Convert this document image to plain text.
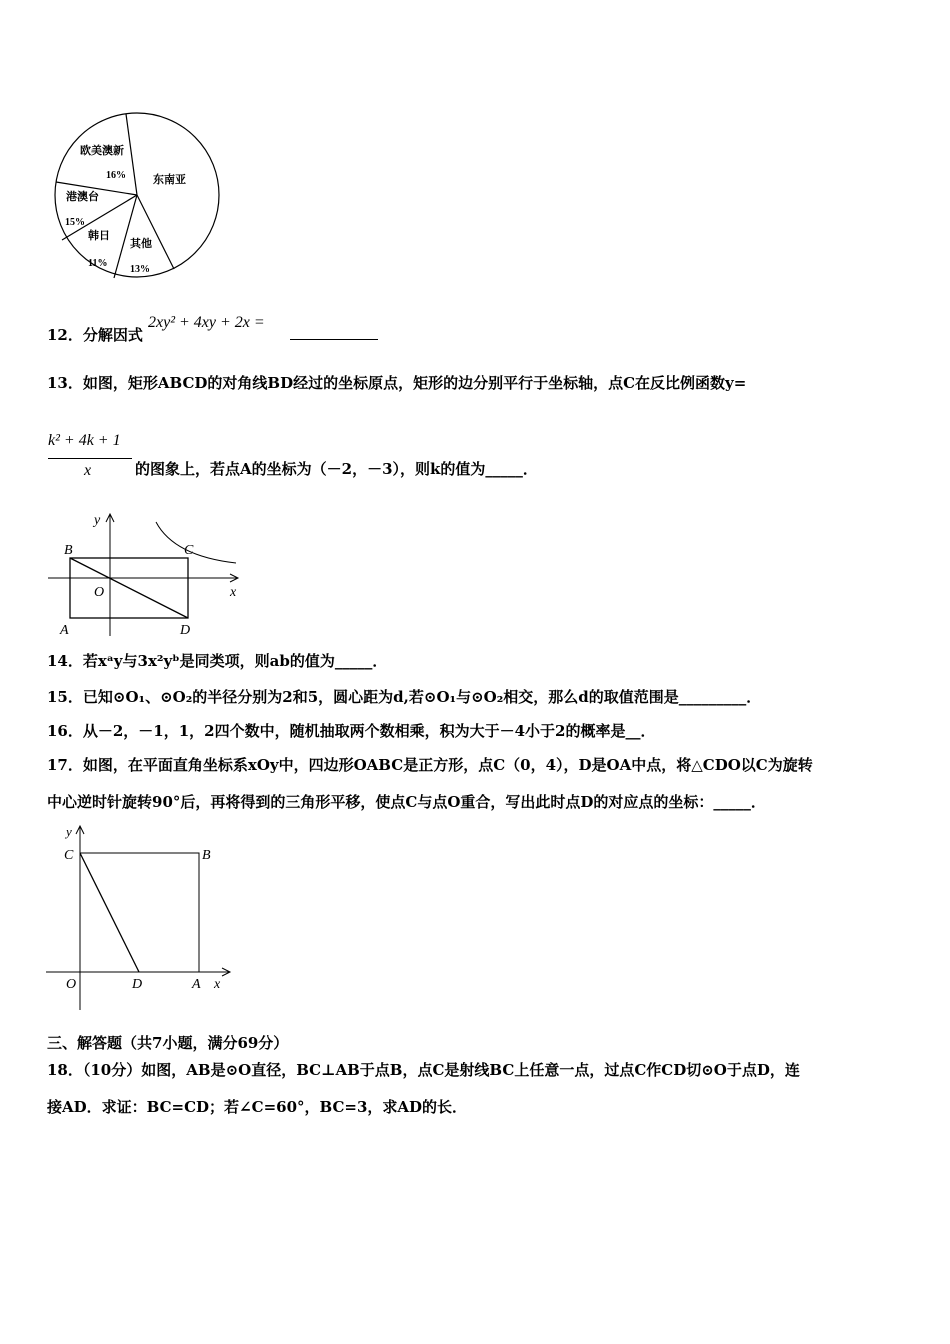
欧美澳新
16% 东南亚
港澳台
15%
韩日
11%
其他
13%
12．分解因式
2xy² + 4xy + 2x =
13．如图，矩形ABCD的对角线BD经过的坐标原点，矩形的边分别平行于坐标轴，点C在反比例函数y=
k² + 4k + 1
x	的图象上，若点A的坐标为（－2，－3），则k的值为_____．
y
B	C
O	x
A	D
14．若xᵃy与3x²yᵇ是同类项，则ab的值为_____．
15．已知⊙O₁、⊙O₂的半径分别为2和5，圆心距为d,若⊙O₁与⊙O₂相交，那么d的取值范围是_________．
16．从－2，－1，1，2四个数中，随机抽取两个数相乘，积为大于－4小于2的概率是__．
17．如图，在平面直角坐标系xOy中，四边形OABC是正方形，点C（0，4），D是OA中点，将△CDO以C为旋转
中心逆时针旋转90°后，再将得到的三角形平移，使点C与点O重合，写出此时点D的对应点的坐标：_____．
y
C	B
O	D	A x
三、解答题（共7小题，满分69分）
18．（10分）如图，AB是⊙O直径，BC⊥AB于点B，点C是射线BC上任意一点，过点C作CD切⊙O于点D，连
接AD．求证：BC=CD；若∠C=60°，BC=3，求AD的长．
